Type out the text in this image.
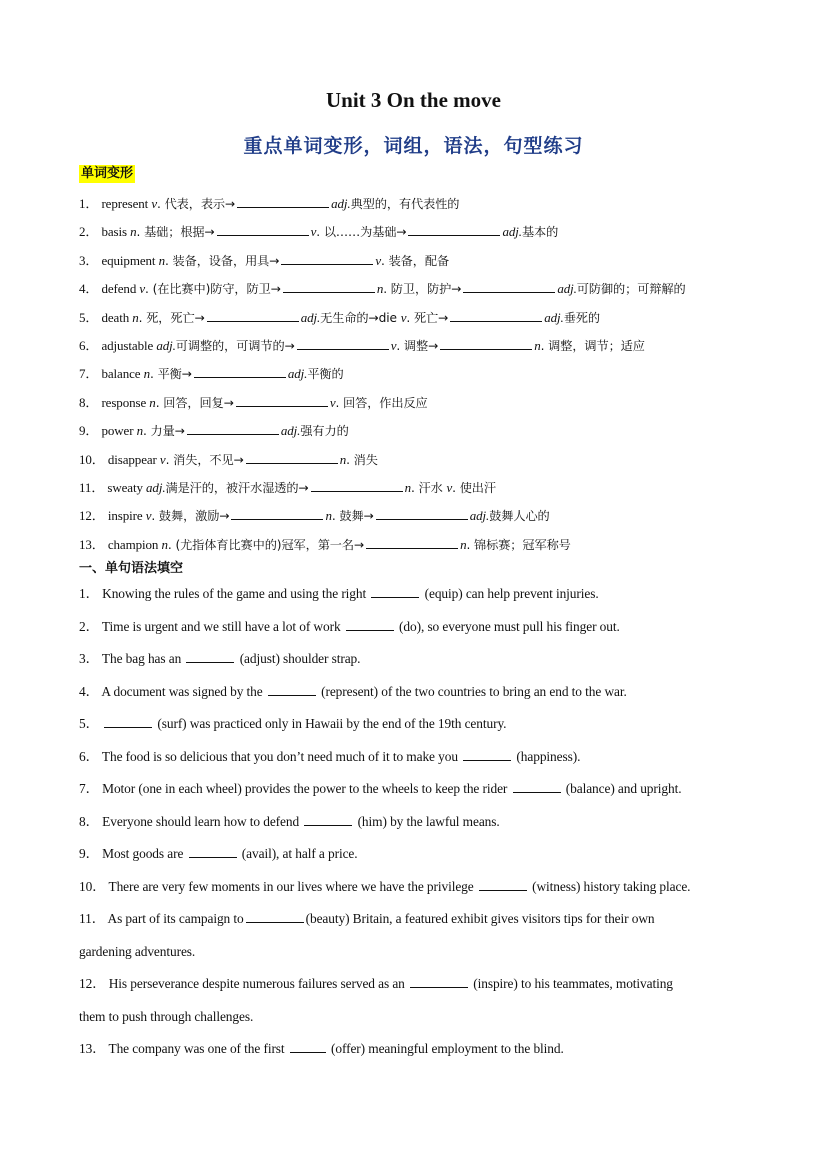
Unit 3 On the move
重点单词变形，词组，语法，句型练习
单词变形
1． represent v. 代表，表示→	adj.典型的，有代表性的
2． basis n. 基础；根据→	v. 以……为基础→	adj.基本的
3． equipment n. 装备，设备，用具→	v. 装备，配备
4． defend v. (在比赛中)防守，防卫→	n. 防卫，防护→	adj.可防御的；可辩解的
5． death n. 死，死亡→	adj.无生命的→die v. 死亡→	adj.垂死的
6． adjustable adj.可调整的，可调节的→	v. 调整→	n. 调整，调节；适应
7． balance n. 平衡→	adj.平衡的
8． response n. 回答，回复→	v. 回答，作出反应
9． power n. 力量→	adj.强有力的
10． disappear v. 消失，不见→	n. 消失
11． sweaty adj.满是汗的，被汗水湿透的→	n. 汗水 v. 使出汗
12． inspire v. 鼓舞，激励→	n. 鼓舞→	adj.鼓舞人心的
13． champion n. (尤指体育比赛中的)冠军，第一名→	n. 锦标赛；冠军称号
一、单句语法填空
1． Knowing the rules of the game and using the right	(equip) can help prevent injuries.
2． Time is urgent and we still have a lot of work	(do), so everyone must pull his finger out.
3． The bag has an	(adjust) shoulder strap.
4． A document was signed by the	(represent) of the two countries to bring an end to the war.
5．	(surf) was practiced only in Hawaii by the end of the 19th century.
6． The food is so delicious that you don’t need much of it to make you	(happiness).
7． Motor (one in each wheel) provides the power to the wheels to keep the rider	(balance) and upright.
8． Everyone should learn how to defend	(him) by the lawful means.
9． Most goods are	(avail), at half a price.
10． There are very few moments in our lives where we have the privilege	(witness) history taking place.
11． As part of its campaign to	(beauty) Britain, a featured exhibit gives visitors tips for their own
gardening adventures.
12． His perseverance despite numerous failures served as an	(inspire) to his teammates, motivating
them to push through challenges.
13． The company was one of the first	(offer) meaningful employment to the blind.
